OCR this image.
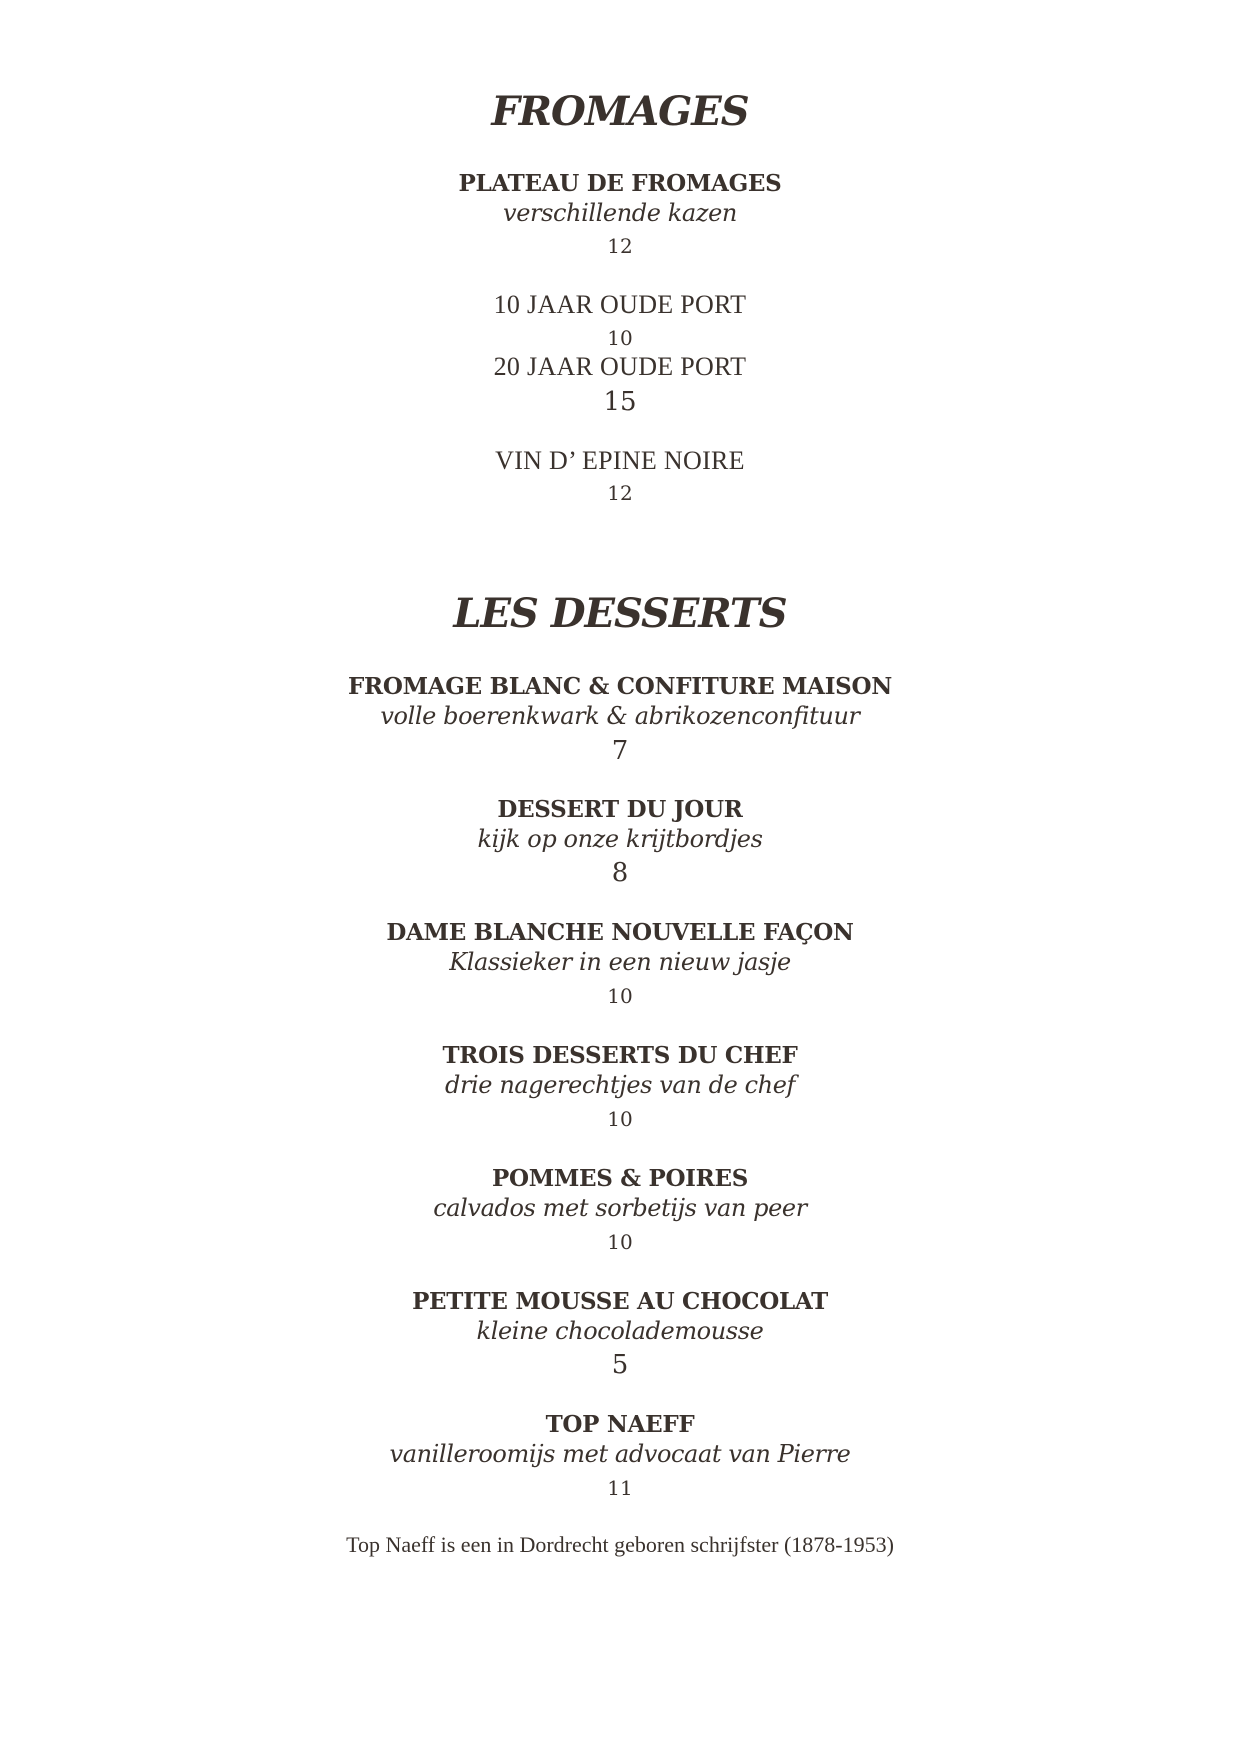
FROMAGES
PLATEAU DE FROMAGES
verschillende kazen
12
10 JAAR OUDE PORT
10
20 JAAR OUDE PORT
15
VIN D’ EPINE NOIRE
12
LES DESSERTS
FROMAGE BLANC & CONFITURE MAISON
volle boerenkwark & abrikozenconfituur
7
DESSERT DU JOUR
kijk op onze krijtbordjes
8
DAME BLANCHE NOUVELLE FAÇON
Klassieker in een nieuw jasje
10
TROIS DESSERTS DU CHEF
drie nagerechtjes van de chef
10
POMMES & POIRES
calvados met sorbetijs van peer
10
PETITE MOUSSE AU CHOCOLAT
kleine chocolademousse
5
TOP NAEFF
vanilleroomijs met advocaat van Pierre
11
Top Naeff is een in Dordrecht geboren schrijfster (1878-1953)
